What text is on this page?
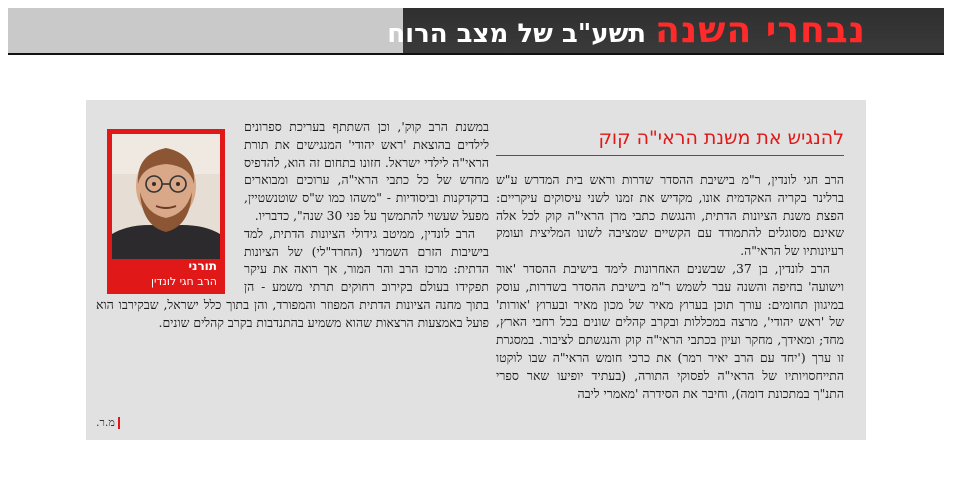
נבחרי השנה תשע"ב של מצב הרוח
להנגיש את משנת הראי"ה קוק

הרב חגי לונדין, ר"מ בישיבת ההסדר שדרות וראש בית המדרש ע"ש ברלינר בקריה האקדמית אונו, מקדיש את זמנו לשני עיסוקים עיקריים: הפצת משנת הציונות הדתית, והנגשת כתבי מרן הראי"ה קוק לכל אלה שאינם מסוגלים להתמודד עם הקשיים שמציבה לשונו המליצית ועומק רעיונותיו של הראי"ה.

הרב לונדין, בן 37, שבשנים האחרונות לימד בישיבת ההסדר 'אור וישועה' בחיפה והשנה עבר לשמש ר"מ בישיבת ההסדר בשדרות, עוסק במיגוון תחומים: עורך תוכן בערוץ מאיר של מכון מאיר ובערוץ 'אורות' של 'ראש יהודי', מרצה במכללות ובקרב קהלים שונים בכל רחבי הארץ, מחד; ומאידך, מחקר ועיון בכתבי הראי"ה קוק והנגשתם לציבור. במסגרת זו ערך ('יחד עם הרב יאיר רמר) את כרכי חומש הראי"ה שבו לוקטו התייחסויותיו של הראי"ה לפסוקי התורה, (בעתיד יופיעו שאר ספרי התנ"ך במתכונת דומה), וחיבר את הסידרה 'מאמרי ליבה

במשנת הרב קוק', וכן השתתף בעריכת ספרונים לילדים בהוצאת 'ראש יהודי' המנגישים את תורת הראי"ה לילדי ישראל. חזונו בתחום זה הוא, להדפיס מחדש של כל כתבי הראי"ה, ערוכים ומבוארים בדקדקנות וביסודיות - "משהו כמו ש"ס שוטנשטיין, מפעל שעשוי להתמשך על פני 30 שנה", כדבריו.

הרב לונדין, ממיטב גידולי הציונות הדתית, למד בישיבות הזרם השמרני (החרד"לי) של הציונות הדתית: מרכז הרב והר המור, אך רואה את עיקר תפקידו בעולם בקירוב רחוקים תרתי משמע - הן בתוך מחנה הציונות הדתית המפוזר והמפורד, והן בתוך כלל ישראל, שבקירבו הוא פועל באמצעות הרצאות שהוא משמיע בהתנדבות בקרב קהלים שונים.

תורני
הרב חגי לונדין
מ.ר.
